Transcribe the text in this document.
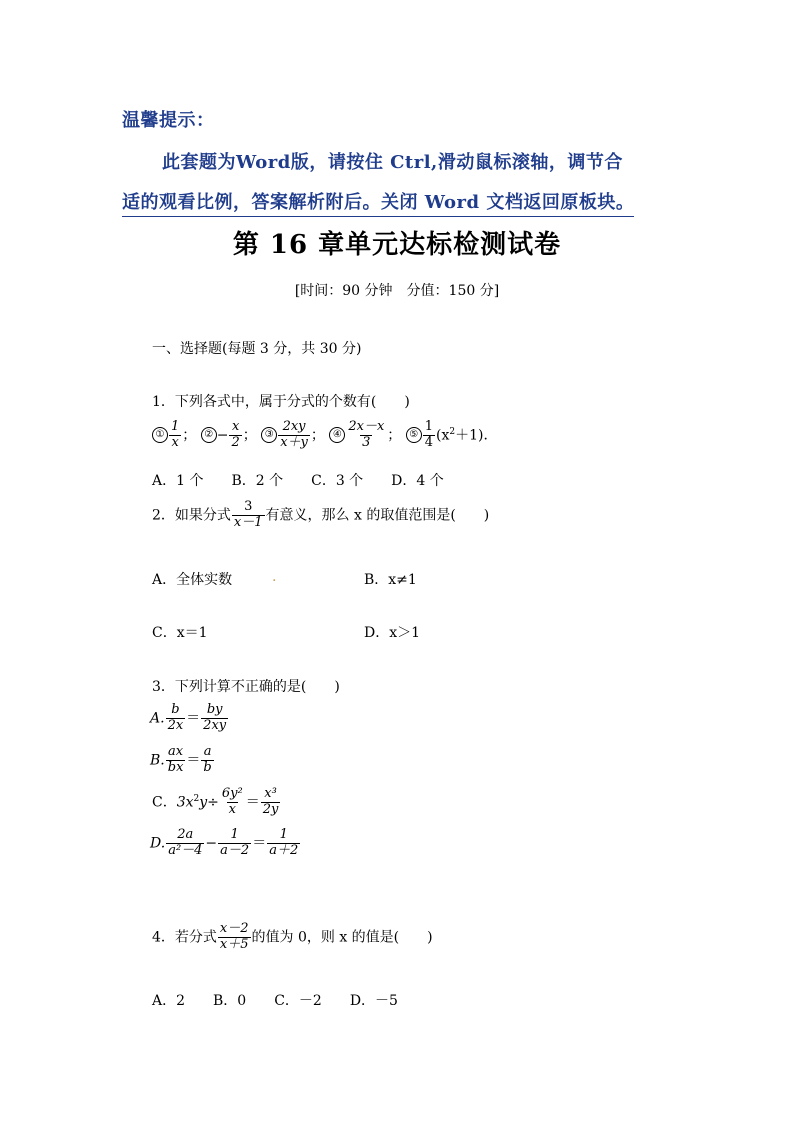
温馨提示：
此套题为Word版，请按住 Ctrl,滑动鼠标滚轴，调节合
适的观看比例，答案解析附后。关闭 Word 文档返回原板块。
第 16 章单元达标检测试卷
[时间：90 分钟　分值：150 分]
一、选择题(每题 3 分，共 30 分)
1．下列各式中，属于分式的个数有(　　)
① $\frac{1}{x}$ ； ② − $\frac{x}{2}$ ； ③ $\frac{2xy}{x+y}$ ； ④ $\frac{2x-x}{3}$ ； ⑤ $\frac{1}{4} (x^2+1)$．
A．1 个　　B．2 个　　C．3 个　　D．4 个
2．如果分式 $\frac{3}{x-1}$ 有意义，那么 x 的取值范围是(　　)
A．全体实数	.	B．x≠1
C．x＝1	D．x＞1
3．下列计算不正确的是(　　)
A. $\frac{b}{2x} = \frac{by}{2xy}$
B. $\frac{ax}{bx} = \frac{a}{b}$
C．$3x^2y\div \frac{\text{6y²}}{x} = \frac{\text{x³}}{2y}$
D. $\frac{2a}{\text{a²－4}} - \frac{1}{a-2} = \frac{1}{a+2}$
4．若分式 $\frac{x-2}{x+5}$ 的值为 0，则 x 的值是(　　)
A．2　　B．0　　C．－2　　D．－5
